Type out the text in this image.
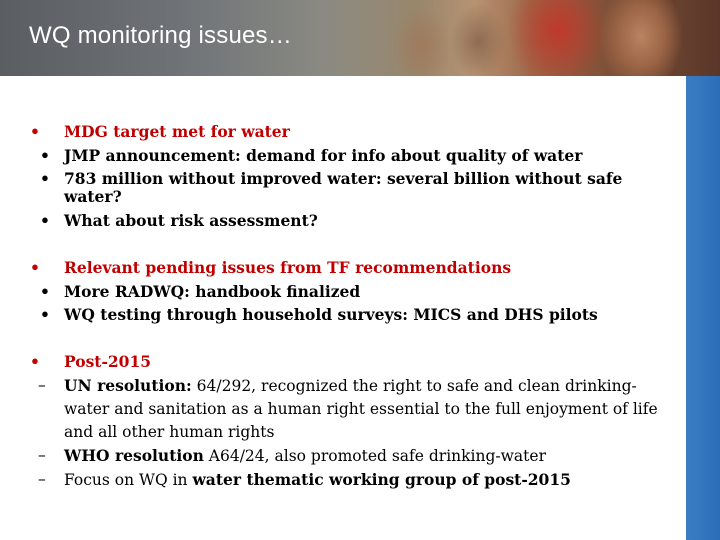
WQ monitoring issues…
• MDG target met for water
• JMP announcement: demand for info about quality of water
• 783 million without improved water: several billion without safe water?
• What about risk assessment?
• Relevant pending issues from TF recommendations
• More RADWQ: handbook finalized
• WQ testing through household surveys: MICS and DHS pilots
• Post-2015
– UN resolution: 64/292, recognized the right to safe and clean drinking-water and sanitation as a human right essential to the full enjoyment of life and all other human rights
– WHO resolution A64/24, also promoted safe drinking-water
– Focus on WQ in water thematic working group of post-2015
